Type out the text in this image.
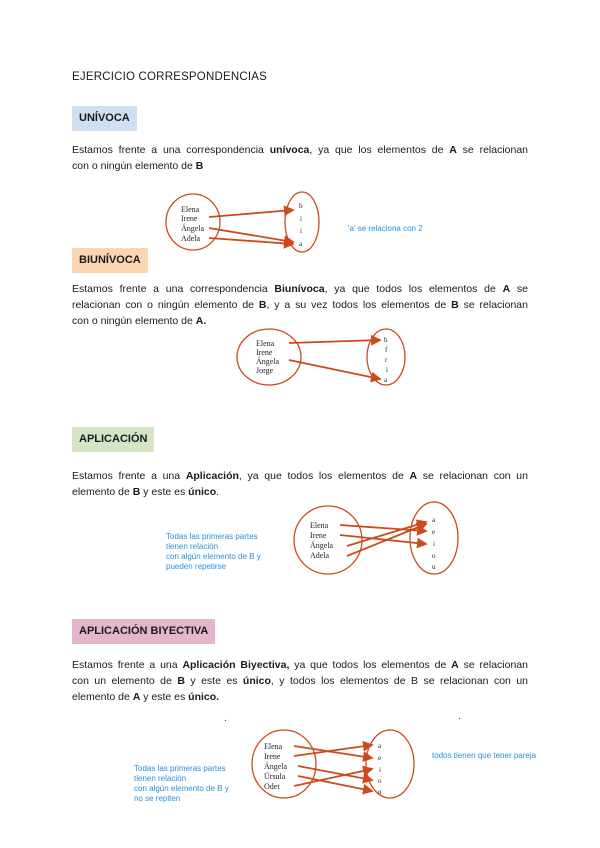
EJERCICIO CORRESPONDENCIAS
UNÍVOCA
Estamos frente a una correspondencia unívoca, ya que los elementos de A se relacionan
con o ningún elemento de B
Elena
Irene
Ángela
Adela
b
i
i
a
'a' se relaciona con 2
BIUNÍVOCA
Estamos frente a una correspondencia Biunívoca, ya que todos los elementos de A se
relacionan con o ningún elemento de B, y a su vez todos los elementos de B se relacionan
con o ningún elemento de A.
Elena
Irene
Ángela
Jorge
b
f
r
i
a
APLICACIÓN
Estamos frente a una Aplicación, ya que todos los elementos de A se relacionan con un
elemento de B y este es único.
Todas las primeras partes
tienen relación
con algún elemento de B y
pueden repetirse
Elena
Irene
Ángela
Adela
a
e
i
o
u
APLICACIÓN BIYECTIVA
Estamos frente a una Aplicación Biyectiva, ya que todos los elementos de A se relacionan
con un elemento de B y este es único, y todos los elementos de B se relacionan con un
elemento de A y este es único.
.	.
Todas las primeras partes
tienen relación
con algún elemento de B y
no se repiten
todos tienen que tener pareja
Elena
Irene
Ángela
Úrsula
Odet
a
e
i
o
u
